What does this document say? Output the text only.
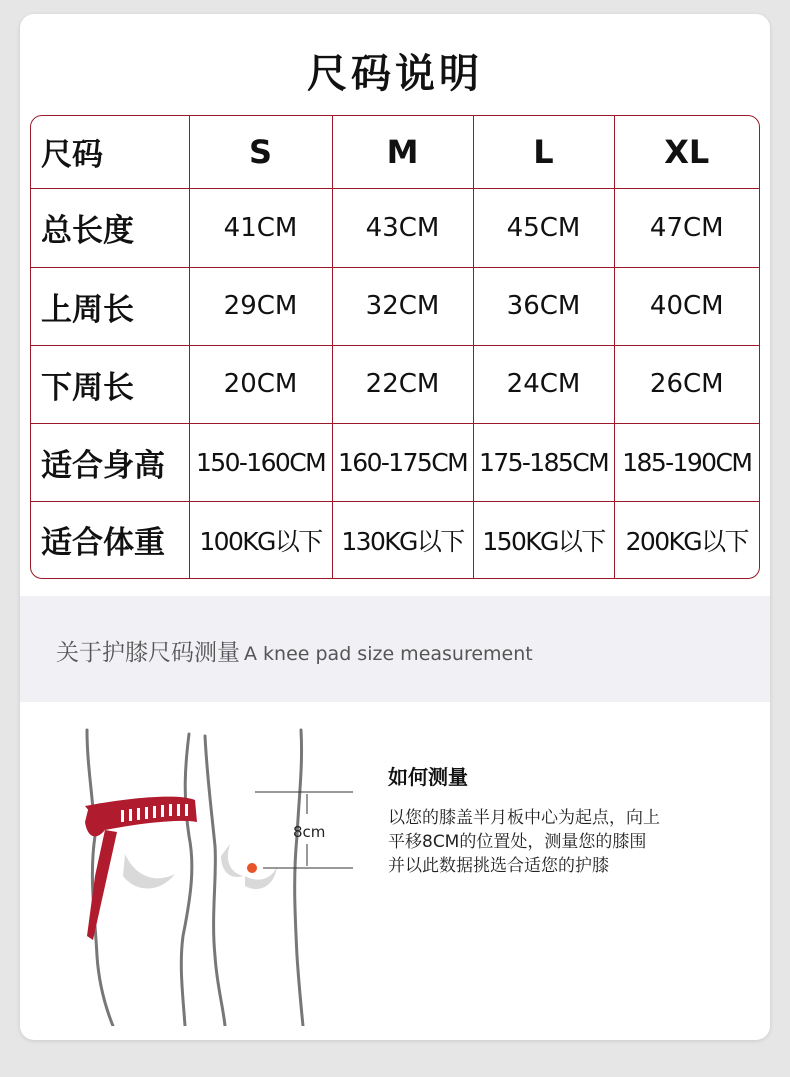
尺码说明
尺码	S	M	L	XL
总长度	41CM	43CM	45CM	47CM
上周长	29CM	32CM	36CM	40CM
下周长	20CM	22CM	24CM	26CM
适合身高	150-160CM	160-175CM	175-185CM	185-190CM
适合体重	100KG以下	130KG以下	150KG以下	200KG以下
关于护膝尺码测量 A knee pad size measurement
8cm
如何测量
以您的膝盖半月板中心为起点，向上
平移8CM的位置处，测量您的膝围
并以此数据挑选合适您的护膝
